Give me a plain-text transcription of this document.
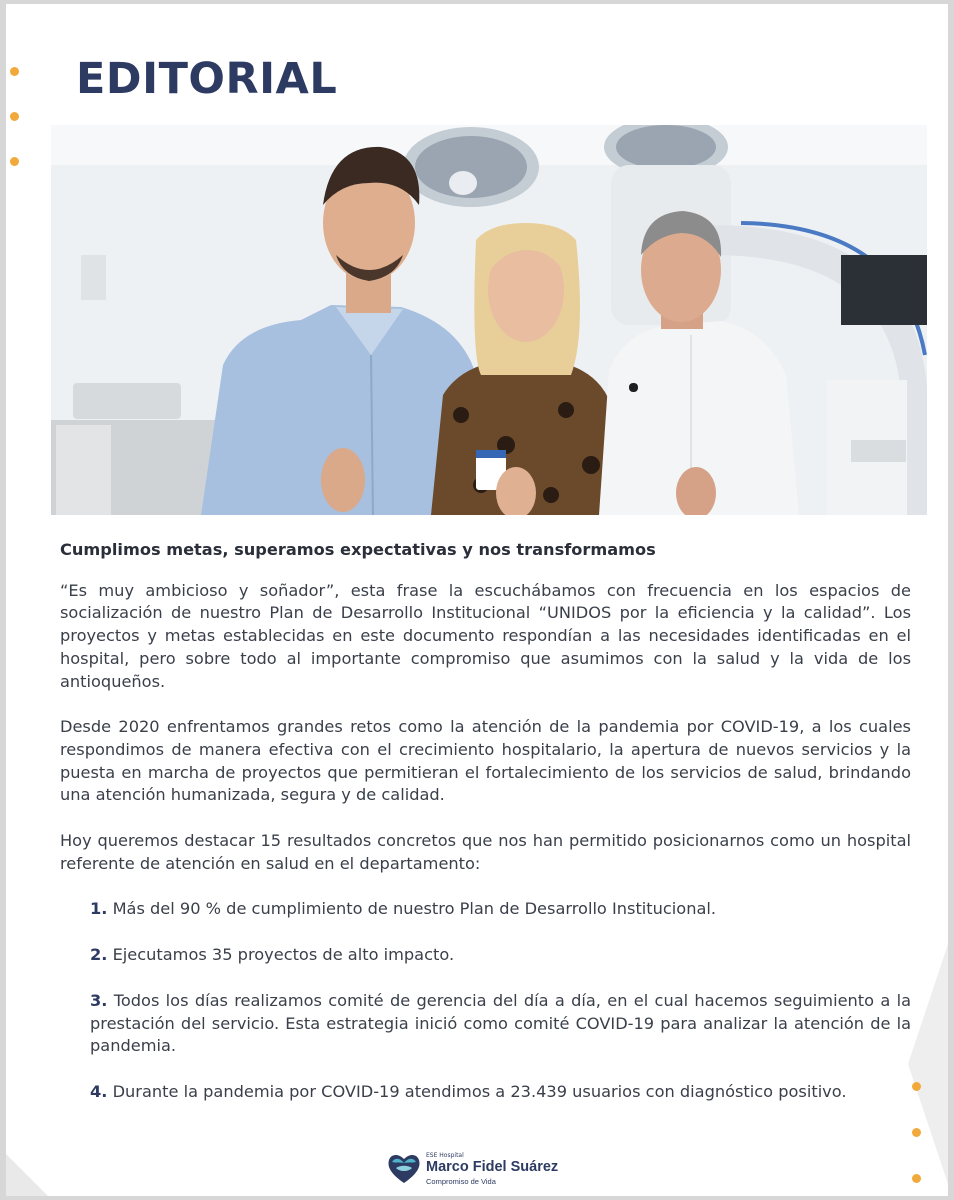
EDITORIAL

Cumplimos metas, superamos expectativas y nos transformamos

“Es muy ambicioso y soñador”, esta frase la escuchábamos con frecuencia en los espacios de socialización de nuestro Plan de Desarrollo Institucional “UNIDOS por la eficiencia y la calidad”. Los proyectos y metas establecidas en este documento respondían a las necesidades identificadas en el hospital, pero sobre todo al importante compromiso que asumimos con la salud y la vida de los antioqueños.

Desde 2020 enfrentamos grandes retos como la atención de la pandemia por COVID-19, a los cuales respondimos de manera efectiva con el crecimiento hospitalario, la apertura de nuevos servicios y la puesta en marcha de proyectos que permitieran el fortalecimiento de los servicios de salud, brindando una atención humanizada, segura y de calidad.

Hoy queremos destacar 15 resultados concretos que nos han permitido posicionarnos como un hospital referente de atención en salud en el departamento:

1. Más del 90 % de cumplimiento de nuestro Plan de Desarrollo Institucional.
2. Ejecutamos 35 proyectos de alto impacto.
3. Todos los días realizamos comité de gerencia del día a día, en el cual hacemos seguimiento a la prestación del servicio. Esta estrategia inició como comité COVID-19 para analizar la atención de la pandemia.
4. Durante la pandemia por COVID-19 atendimos a 23.439 usuarios con diagnóstico positivo.
ESE Hospital
Marco Fidel Suárez
Compromiso de Vida
